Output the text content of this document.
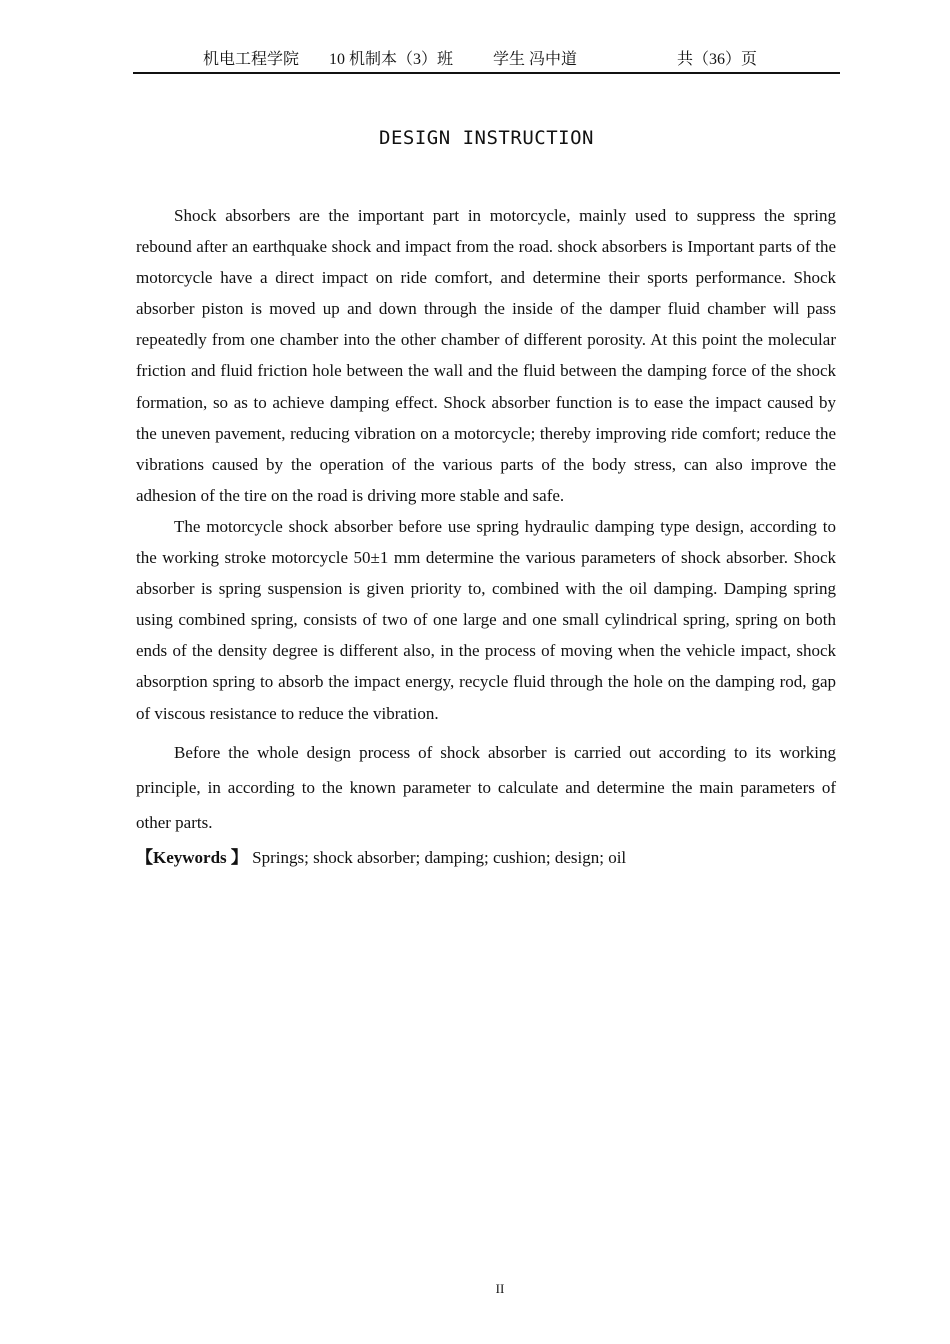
机电工程学院 10 机制本（3）班 学生 冯中道	共（36）页
DESIGN INSTRUCTION

Shock absorbers are the important part in motorcycle, mainly used to suppress the spring rebound after an earthquake shock and impact from the road. shock absorbers is Important parts of the motorcycle have a direct impact on ride comfort, and determine their sports performance. Shock absorber piston is moved up and down through the inside of the damper fluid chamber will pass repeatedly from one chamber into the other chamber of different porosity. At this point the molecular friction and fluid friction hole between the wall and the fluid between the damping force of the shock formation, so as to achieve damping effect. Shock absorber function is to ease the impact caused by the uneven pavement, reducing vibration on a motorcycle; thereby improving ride comfort; reduce the vibrations caused by the operation of the various parts of the body stress, can also improve the adhesion of the tire on the road is driving more stable and safe.

The motorcycle shock absorber before use spring hydraulic damping type design, according to the working stroke motorcycle 50±1 mm determine the various parameters of shock absorber. Shock absorber is spring suspension is given priority to, combined with the oil damping. Damping spring using combined spring, consists of two of one large and one small cylindrical spring, spring on both ends of the density degree is different also, in the process of moving when the vehicle impact, shock absorption spring to absorb the impact energy, recycle fluid through the hole on the damping rod, gap of viscous resistance to reduce the vibration.

Before the whole design process of shock absorber is carried out according to its working principle, in according to the known parameter to calculate and determine the main parameters of other parts.

【Keywords 】 Springs; shock absorber; damping; cushion; design; oil

II
